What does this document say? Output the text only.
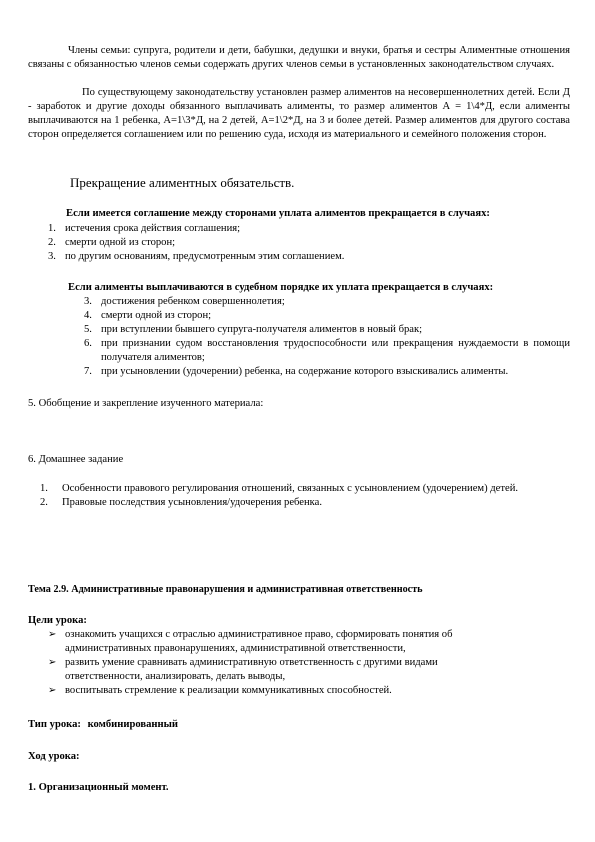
Члены семьи: супруга, родители и дети, бабушки, дедушки и внуки, братья и сестры Алиментные отношения связаны с обязанностью членов семьи содержать других членов семьи в установленных законодательством случаях.
По существующему законодательству установлен размер алиментов на несовершеннолетних детей. Если Д - заработок и другие доходы обязанного выплачивать алименты, то размер алиментов А = 1\4*Д, если алименты выплачиваются на 1 ребенка, А=1\3*Д, на 2 детей, А=1\2*Д, на 3 и более детей. Размер алиментов для другого состава сторон определяется соглашением или по решению суда, исходя из материального и семейного положения сторон.
Прекращение алиментных обязательств.
Если имеется соглашение между сторонами уплата алиментов прекращается в случаях:
1. истечения срока действия соглашения;
2. смерти одной из сторон;
3. по другим основаниям, предусмотренным этим соглашением.
Если алименты выплачиваются в судебном порядке их уплата прекращается в случаях:
3. достижения ребенком совершеннолетия;
4. смерти одной из сторон;
5. при вступлении бывшего супруга-получателя алиментов в новый брак;
6. при признании судом восстановления трудоспособности или прекращения нуждаемости в помощи получателя алиментов;
7. при усыновлении (удочерении) ребенка, на содержание которого взыскивались алименты.
5. Обобщение и закрепление изученного материала:
6. Домашнее задание
1. Особенности правового регулирования отношений, связанных с усыновлением (удочерением) детей.
2. Правовые последствия усыновления/удочерения ребенка.
Тема 2.9. Административные правонарушения и административная ответственность
Цели урока:
➢ ознакомить учащихся с отраслью административное право, сформировать понятия об административных правонарушениях, административной ответственности,
➢ развить умение сравнивать административную ответственность с другими видами ответственности, анализировать, делать выводы,
➢ воспитывать стремление к реализации коммуникативных способностей.
Тип урока: комбинированный
Ход урока:
1. Организационный момент.
